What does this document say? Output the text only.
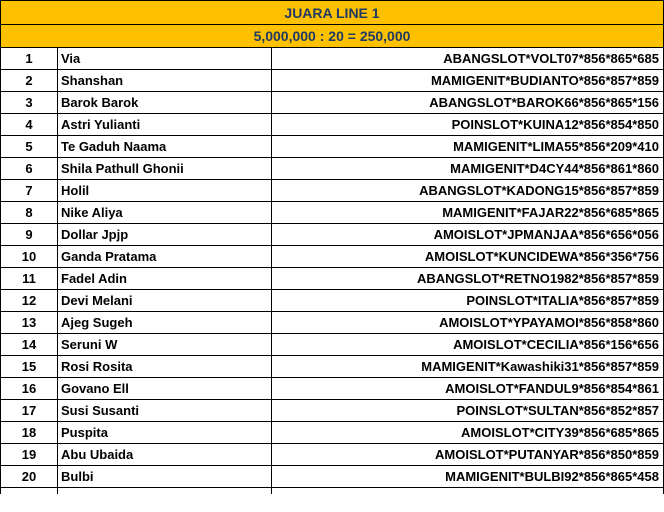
JUARA LINE 1		
5,000,000 : 20 = 250,000		
1	Via	ABANGSLOT*VOLT07*856*865*685
2	Shanshan	MAMIGENIT*BUDIANTO*856*857*859
3	Barok Barok	ABANGSLOT*BAROK66*856*865*156
4	Astri Yulianti	POINSLOT*KUINA12*856*854*850
5	Te Gaduh Naama	MAMIGENIT*LIMA55*856*209*410
6	Shila Pathull Ghonii	MAMIGENIT*D4CY44*856*861*860
7	Holil	ABANGSLOT*KADONG15*856*857*859
8	Nike Aliya	MAMIGENIT*FAJAR22*856*685*865
9	Dollar Jpjp	AMOISLOT*JPMANJAA*856*656*056
10	Ganda Pratama	AMOISLOT*KUNCIDEWA*856*356*756
11	Fadel Adin	ABANGSLOT*RETNO1982*856*857*859
12	Devi Melani	POINSLOT*ITALIA*856*857*859
13	Ajeg Sugeh	AMOISLOT*YPAYAMOI*856*858*860
14	Seruni W	AMOISLOT*CECILIA*856*156*656
15	Rosi Rosita	MAMIGENIT*Kawashiki31*856*857*859
16	Govano Ell	AMOISLOT*FANDUL9*856*854*861
17	Susi Susanti	POINSLOT*SULTAN*856*852*857
18	Puspita	AMOISLOT*CITY39*856*685*865
19	Abu Ubaida	AMOISLOT*PUTANYAR*856*850*859
20	Bulbi	MAMIGENIT*BULBI92*856*865*458
